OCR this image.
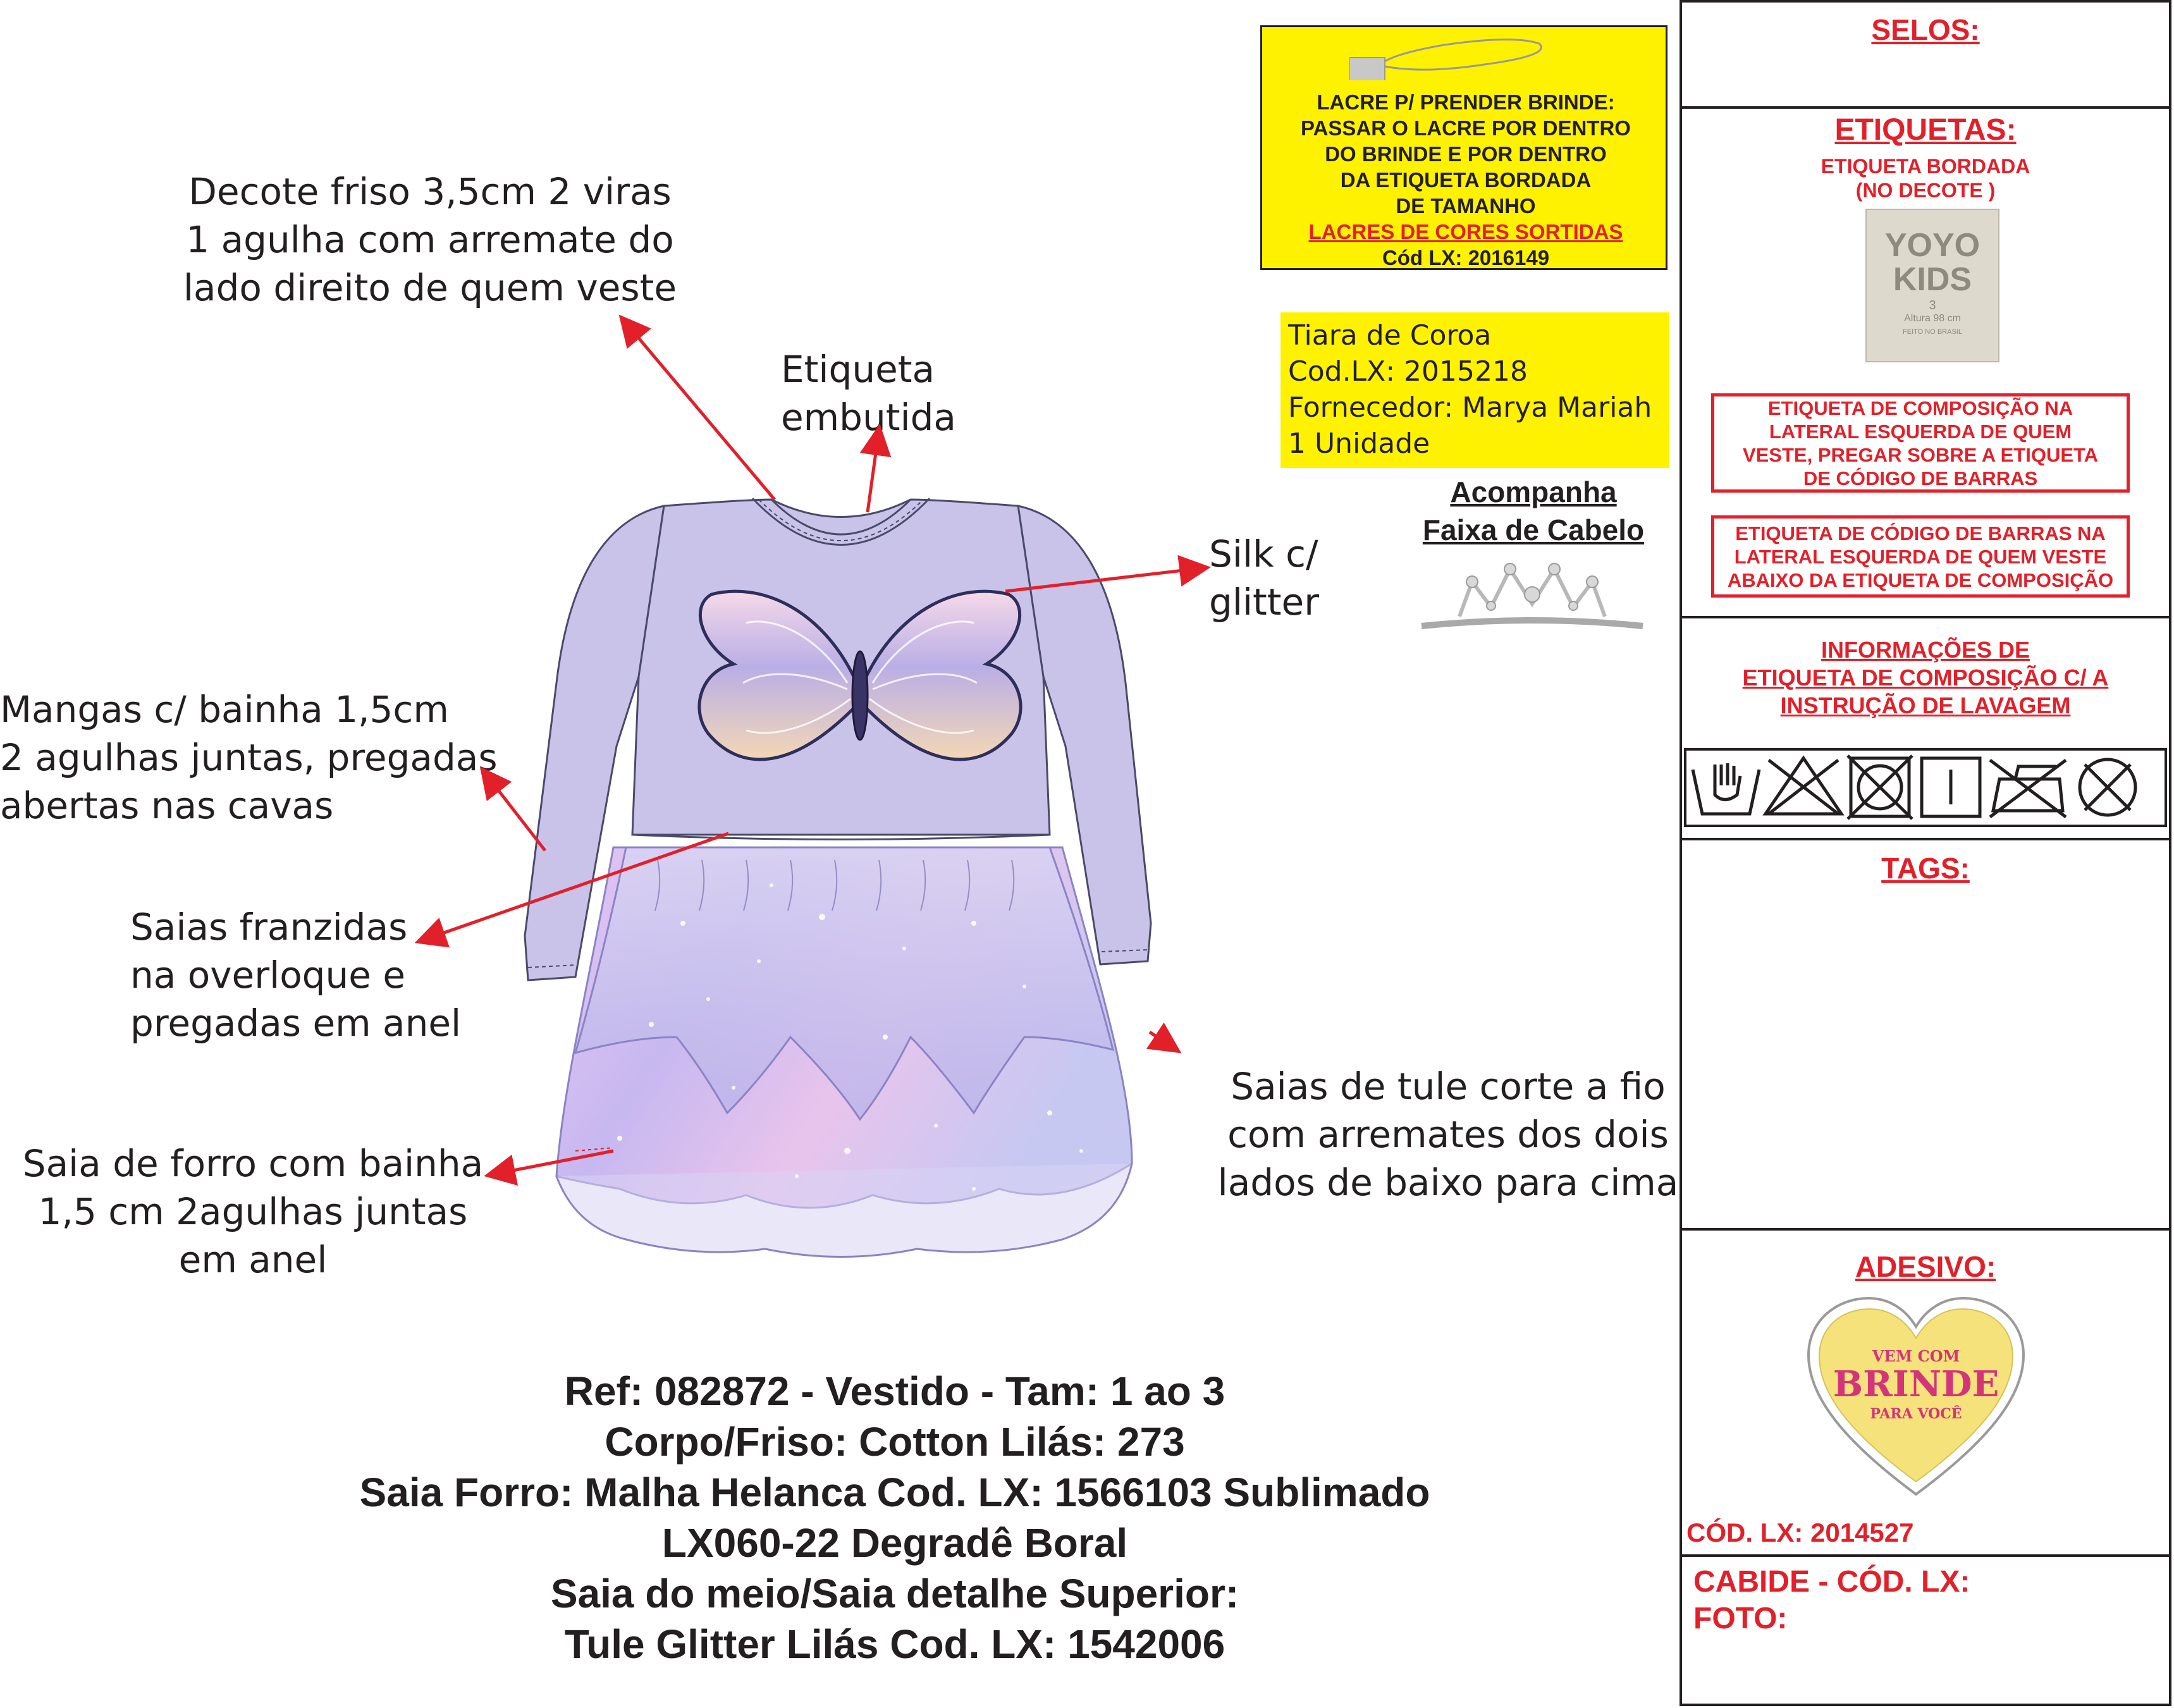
Decote friso 3,5cm 2 viras
1 agulha com arremate do
lado direito de quem veste
Etiqueta
embutida
Silk c/
glitter
Mangas c/ bainha 1,5cm
2 agulhas juntas, pregadas
abertas nas cavas
Saias franzidas
na overloque e
pregadas em anel
Saia de forro com bainha
1,5 cm 2agulhas juntas
em anel
Saias de tule corte a fio
com arremates dos dois
lados de baixo para cima
LACRE P/ PRENDER BRINDE:
PASSAR O LACRE POR DENTRO
DO BRINDE E POR DENTRO
DA ETIQUETA BORDADA
DE TAMANHO
LACRES DE CORES SORTIDAS
Cód LX: 2016149
Tiara de Coroa
Cod.LX: 2015218
Fornecedor: Marya Mariah
1 Unidade
Acompanha
Faixa de Cabelo
Ref: 082872 - Vestido - Tam: 1 ao 3
Corpo/Friso: Cotton Lilás: 273
Saia Forro: Malha Helanca Cod. LX: 1566103 Sublimado
LX060-22 Degradê Boral
Saia do meio/Saia detalhe Superior:
Tule Glitter Lilás Cod. LX: 1542006
SELOS:
ETIQUETAS:
ETIQUETA BORDADA
(NO DECOTE )
YOYO
KIDS
3
Altura 98 cm
FEITO NO BRASIL
ETIQUETA DE COMPOSIÇÃO NA
LATERAL ESQUERDA DE QUEM
VESTE, PREGAR SOBRE A ETIQUETA
DE CÓDIGO DE BARRAS
ETIQUETA DE CÓDIGO DE BARRAS NA
LATERAL ESQUERDA DE QUEM VESTE
ABAIXO DA ETIQUETA DE COMPOSIÇÃO
INFORMAÇÕES DE
ETIQUETA DE COMPOSIÇÃO C/ A
INSTRUÇÃO DE LAVAGEM
TAGS:
ADESIVO:
VEM COM
BRINDE
PARA VOCÊ
CÓD. LX: 2014527
CABIDE - CÓD. LX:
FOTO:
